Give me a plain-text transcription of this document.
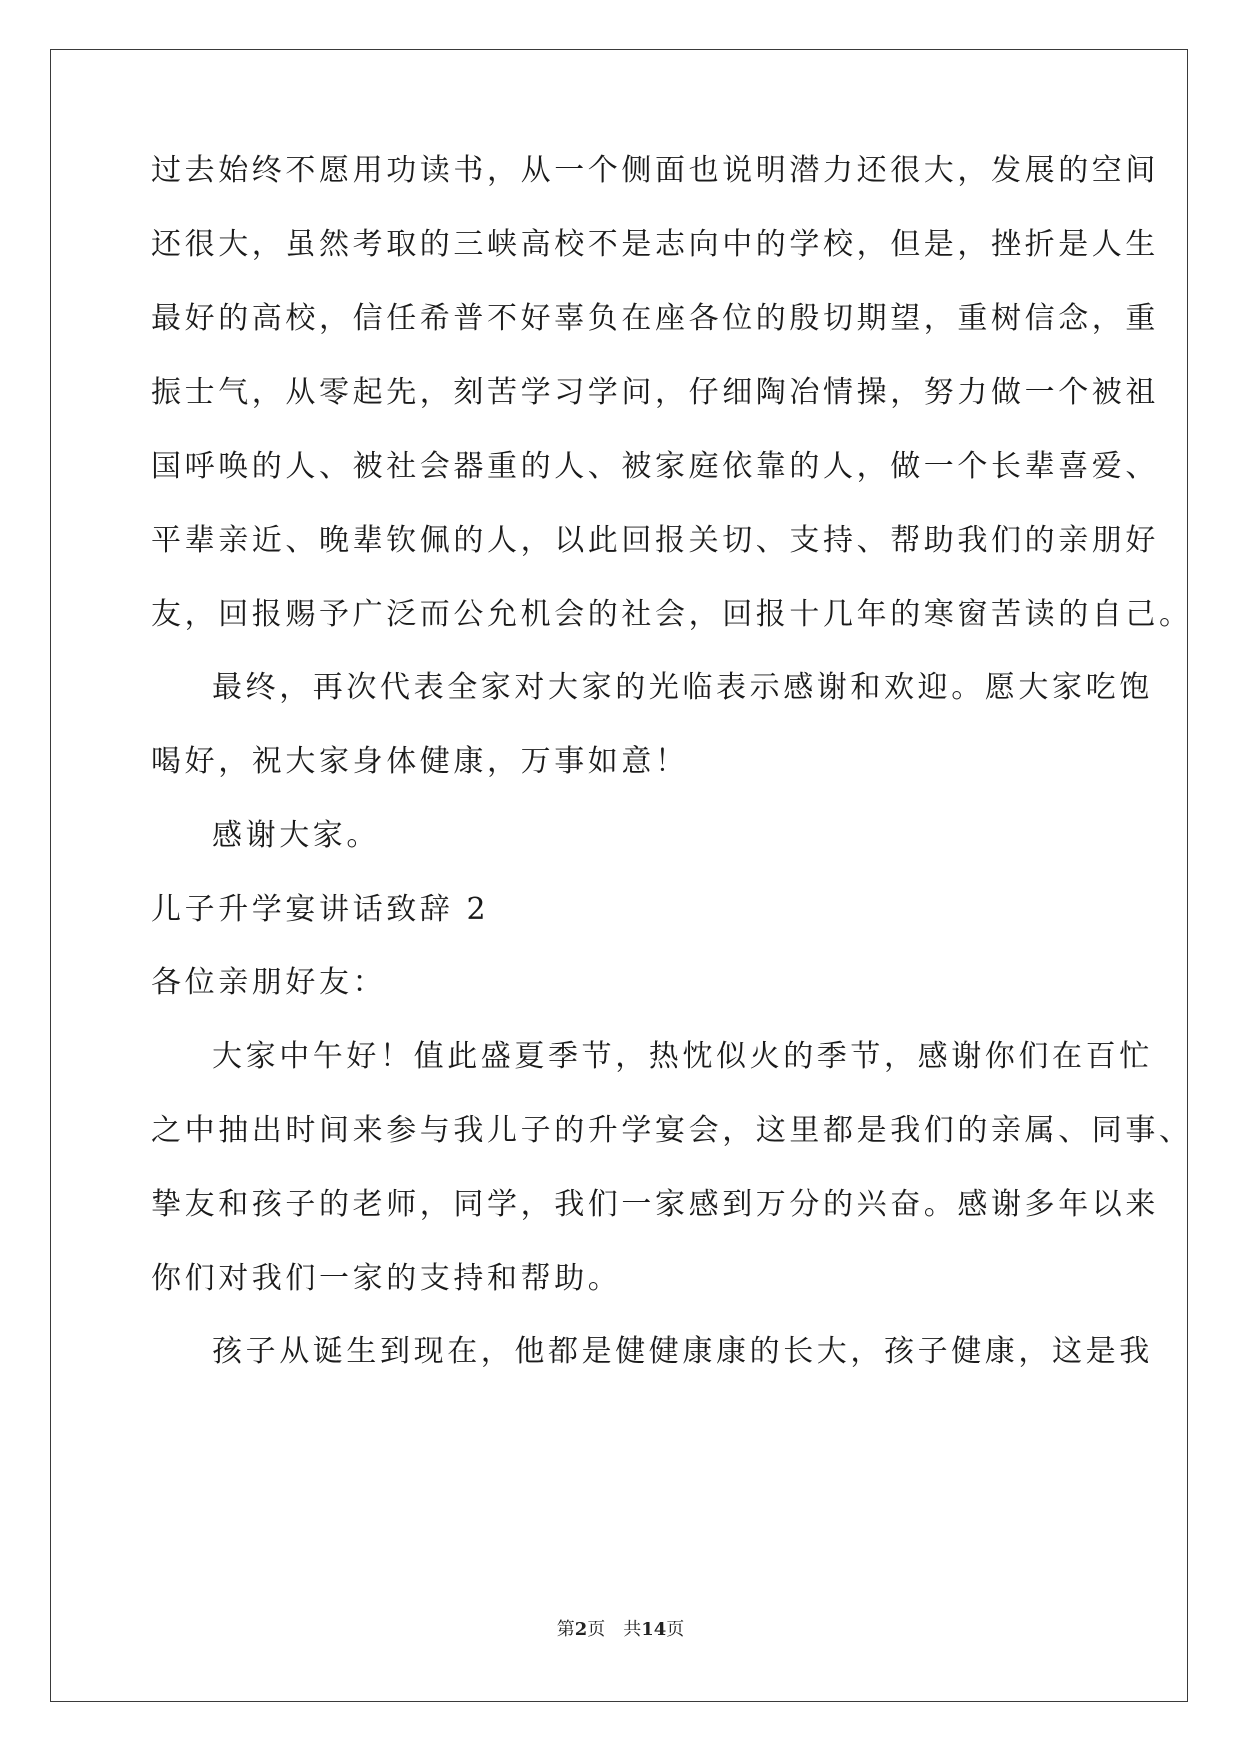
过去始终不愿用功读书，从一个侧面也说明潜力还很大，发展的空间
还很大，虽然考取的三峡高校不是志向中的学校，但是，挫折是人生
最好的高校，信任希普不好辜负在座各位的殷切期望，重树信念，重
振士气，从零起先，刻苦学习学问，仔细陶冶情操，努力做一个被祖
国呼唤的人、被社会器重的人、被家庭依靠的人，做一个长辈喜爱、
平辈亲近、晚辈钦佩的人，以此回报关切、支持、帮助我们的亲朋好
友，回报赐予广泛而公允机会的社会，回报十几年的寒窗苦读的自己。
最终，再次代表全家对大家的光临表示感谢和欢迎。愿大家吃饱
喝好，祝大家身体健康，万事如意！
感谢大家。
儿子升学宴讲话致辞 2
各位亲朋好友：
大家中午好！值此盛夏季节，热忱似火的季节，感谢你们在百忙
之中抽出时间来参与我儿子的升学宴会，这里都是我们的亲属、同事、
挚友和孩子的老师，同学，我们一家感到万分的兴奋。感谢多年以来
你们对我们一家的支持和帮助。
孩子从诞生到现在，他都是健健康康的长大，孩子健康，这是我
第2页 共14页
